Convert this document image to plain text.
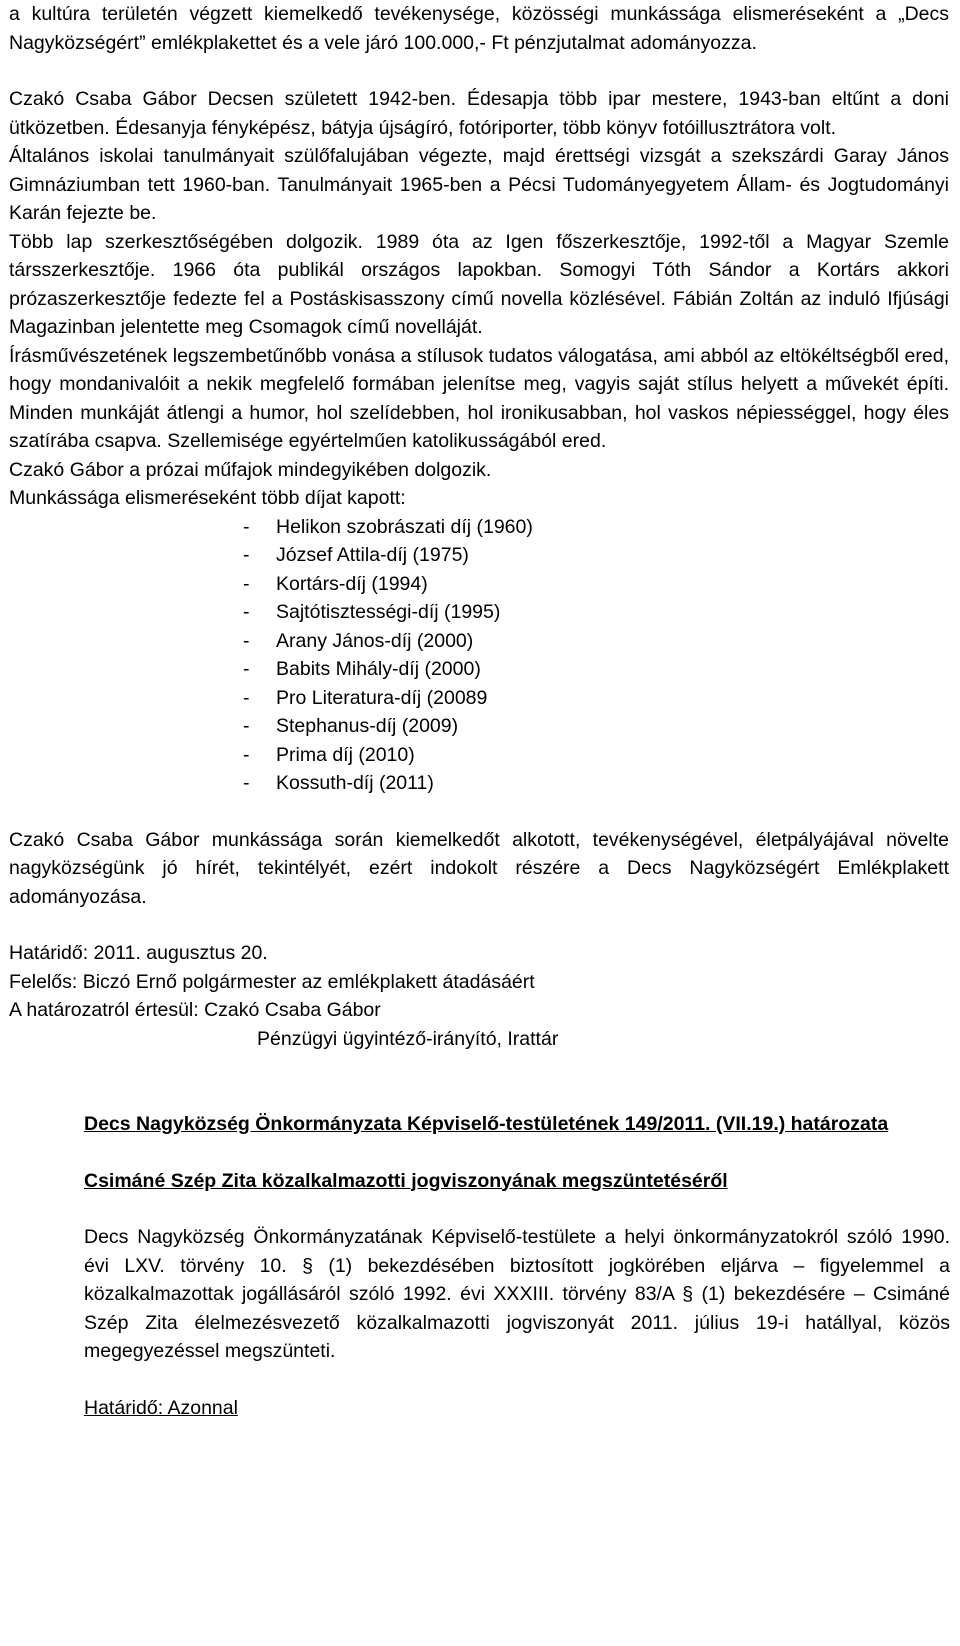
a kultúra területén végzett kiemelkedő tevékenysége, közösségi munkássága elismeréseként a „Decs Nagyközségért” emlékplakettet és a vele járó 100.000,- Ft pénzjutalmat adományozza.

Czakó Csaba Gábor Decsen született 1942-ben. Édesapja több ipar mestere, 1943-ban eltűnt a doni ütközetben. Édesanyja fényképész, bátyja újságíró, fotóriporter, több könyv fotóillusztrátora volt.

Általános iskolai tanulmányait szülőfalujában végezte, majd érettségi vizsgát a szekszárdi Garay János Gimnáziumban tett 1960-ban. Tanulmányait 1965-ben a Pécsi Tudományegyetem Állam- és Jogtudományi Karán fejezte be.

Több lap szerkesztőségében dolgozik. 1989 óta az Igen főszerkesztője, 1992-től a Magyar Szemle társszerkesztője. 1966 óta publikál országos lapokban. Somogyi Tóth Sándor a Kortárs akkori prózaszerkesztője fedezte fel a Postáskisasszony című novella közlésével. Fábián Zoltán az induló Ifjúsági Magazinban jelentette meg Csomagok című novelláját.

Írásművészetének legszembetűnőbb vonása a stílusok tudatos válogatása, ami abból az eltökéltségből ered, hogy mondanivalóit a nekik megfelelő formában jelenítse meg, vagyis saját stílus helyett a művekét építi. Minden munkáját átlengi a humor, hol szelídebben, hol ironikusabban, hol vaskos népiességgel, hogy éles szatírába csapva. Szellemisége egyértelműen katolikusságából ered.

Czakó Gábor a prózai műfajok mindegyikében dolgozik.

Munkássága elismeréseként több díjat kapott:

- Helikon szobrászati díj (1960)
- József Attila-díj (1975)
- Kortárs-díj (1994)
- Sajtótisztességi-díj (1995)
- Arany János-díj (2000)
- Babits Mihály-díj (2000)
- Pro Literatura-díj (20089
- Stephanus-díj (2009)
- Prima díj (2010)
- Kossuth-díj (2011)

Czakó Csaba Gábor munkássága során kiemelkedőt alkotott, tevékenységével, életpályájával növelte nagyközségünk jó hírét, tekintélyét, ezért indokolt részére a Decs Nagyközségért Emlékplakett adományozása.

Határidő: 2011. augusztus 20.

Felelős: Biczó Ernő polgármester az emlékplakett átadásáért

A határozatról értesül: Czakó Csaba Gábor

Pénzügyi ügyintéző-irányító, Irattár

Decs Nagyközség Önkormányzata Képviselő-testületének 149/2011. (VII.19.) határozata

Csimáné Szép Zita közalkalmazotti jogviszonyának megszüntetéséről

Decs Nagyközség Önkormányzatának Képviselő-testülete a helyi önkormányzatokról szóló 1990. évi LXV. törvény 10. § (1) bekezdésében biztosított jogkörében eljárva – figyelemmel a közalkalmazottak jogállásáról szóló 1992. évi XXXIII. törvény 83/A § (1) bekezdésére – Csimáné Szép Zita élelmezésvezető közalkalmazotti jogviszonyát 2011. július 19-i hatállyal, közös megegyezéssel megszünteti.

Határidő: Azonnal
